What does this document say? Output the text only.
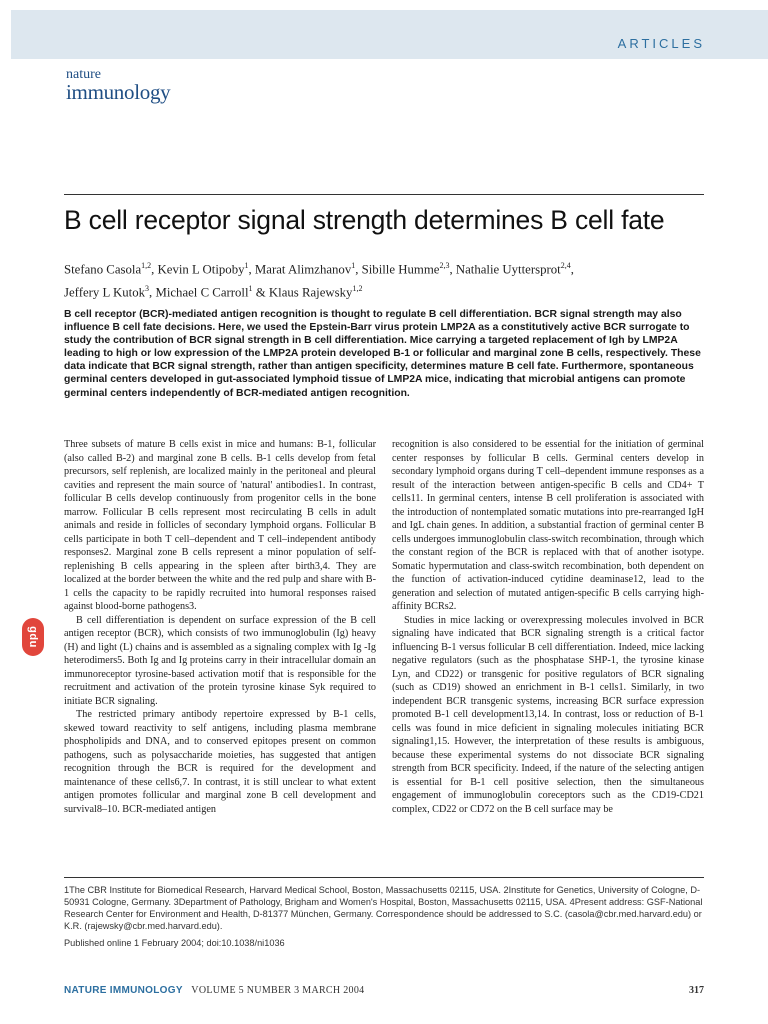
ARTICLES
nature
immunology
B cell receptor signal strength determines B cell fate
Stefano Casola$^{1,2}$, Kevin L Otipoby$^1$, Marat Alimzhanov$^1$, Sibille Humme$^{2,3}$, Nathalie Uyttersprot$^{2,4}$,
Jeffery L Kutok$^3$, Michael C Carroll$^1$ & Klaus Rajewsky$^{1,2}$

B cell receptor (BCR)-mediated antigen recognition is thought to regulate B cell differentiation. BCR signal strength may also influence B cell fate decisions. Here, we used the Epstein-Barr virus protein LMP2A as a constitutively active BCR surrogate to study the contribution of BCR signal strength in B cell differentiation. Mice carrying a targeted replacement of Igh by LMP2A leading to high or low expression of the LMP2A protein developed B-1 or follicular and marginal zone B cells, respectively. These data indicate that BCR signal strength, rather than antigen specificity, determines mature B cell fate. Furthermore, spontaneous germinal centers developed in gut-associated lymphoid tissue of LMP2A mice, indicating that microbial antigens can promote germinal centers independently of BCR-mediated antigen recognition.

Three subsets of mature B cells exist in mice and humans: B-1, follicular (also called B-2) and marginal zone B cells. B-1 cells develop from fetal precursors, self replenish, are localized mainly in the peritoneal and pleural cavities and represent the main source of 'natural' antibodies1. In contrast, follicular B cells develop continuously from progenitor cells in the bone marrow. Follicular B cells represent most recirculating B cells in adult animals and reside in follicles of secondary lymphoid organs. Follicular B cells participate in both T cell–dependent and T cell–independent antibody responses2. Marginal zone B cells represent a minor population of self-replenishing B cells appearing in the spleen after birth3,4. They are localized at the border between the white and the red pulp and share with B-1 cells the capacity to be rapidly recruited into humoral responses raised against blood-borne pathogens3.

B cell differentiation is dependent on surface expression of the B cell antigen receptor (BCR), which consists of two immunoglobulin (Ig) heavy (H) and light (L) chains and is assembled as a signaling complex with Ig -Ig heterodimers5. Both Ig and Ig proteins carry in their intracellular domain an immunoreceptor tyrosine-based activation motif that is responsible for the recruitment and activation of the protein tyrosine kinase Syk required to initiate BCR signaling.

The restricted primary antibody repertoire expressed by B-1 cells, skewed toward reactivity to self antigens, including plasma membrane phospholipids and DNA, and to conserved epitopes present on common pathogens, such as polysaccharide moieties, has suggested that antigen recognition through the BCR is required for the development and maintenance of these cells6,7. In contrast, it is still unclear to what extent antigen promotes follicular and marginal zone B cell development and survival8–10. BCR-mediated antigen

recognition is also considered to be essential for the initiation of germinal center responses by follicular B cells. Germinal centers develop in secondary lymphoid organs during T cell–dependent immune responses as a result of the interaction between antigen-specific B cells and CD4+ T cells11. In germinal centers, intense B cell proliferation is associated with the introduction of nontemplated somatic mutations into pre-rearranged IgH and IgL chain genes. In addition, a substantial fraction of germinal center B cells undergoes immunoglobulin class-switch recombination, through which the constant region of the BCR is replaced with that of another isotype. Somatic hypermutation and class-switch recombination, both dependent on the function of activation-induced cytidine deaminase12, lead to the generation and selection of mutated antigen-specific B cells carrying high-affinity BCRs2.

Studies in mice lacking or overexpressing molecules involved in BCR signaling have indicated that BCR signaling strength is a critical factor influencing B-1 versus follicular B cell differentiation. Indeed, mice lacking negative regulators (such as the phosphatase SHP-1, the tyrosine kinase Lyn, and CD22) or transgenic for positive regulators of BCR signaling (such as CD19) showed an enrichment in B-1 cells1. Similarly, in two independent BCR transgenic systems, increasing BCR surface expression promoted B-1 cell development13,14. In contrast, loss or reduction of B-1 cells was found in mice deficient in signaling molecules initiating BCR signaling1,15. However, the interpretation of these results is ambiguous, because these experimental systems do not dissociate BCR signaling strength from BCR specificity. Indeed, if the nature of the selecting antigen is essential for B-1 cell positive selection, then the simultaneous engagement of immunoglobulin coreceptors such as the CD19-CD21 complex, CD22 or CD72 on the B cell surface may be

gdu
1The CBR Institute for Biomedical Research, Harvard Medical School, Boston, Massachusetts 02115, USA. 2Institute for Genetics, University of Cologne, D-50931 Cologne, Germany. 3Department of Pathology, Brigham and Women's Hospital, Boston, Massachusetts 02115, USA. 4Present address: GSF-National Research Center for Environment and Health, D-81377 München, Germany. Correspondence should be addressed to S.C. (casola@cbr.med.harvard.edu) or K.R. (rajewsky@cbr.med.harvard.edu).
Published online 1 February 2004; doi:10.1038/ni1036
NATURE IMMUNOLOGY VOLUME 5 NUMBER 3 MARCH 2004	317
